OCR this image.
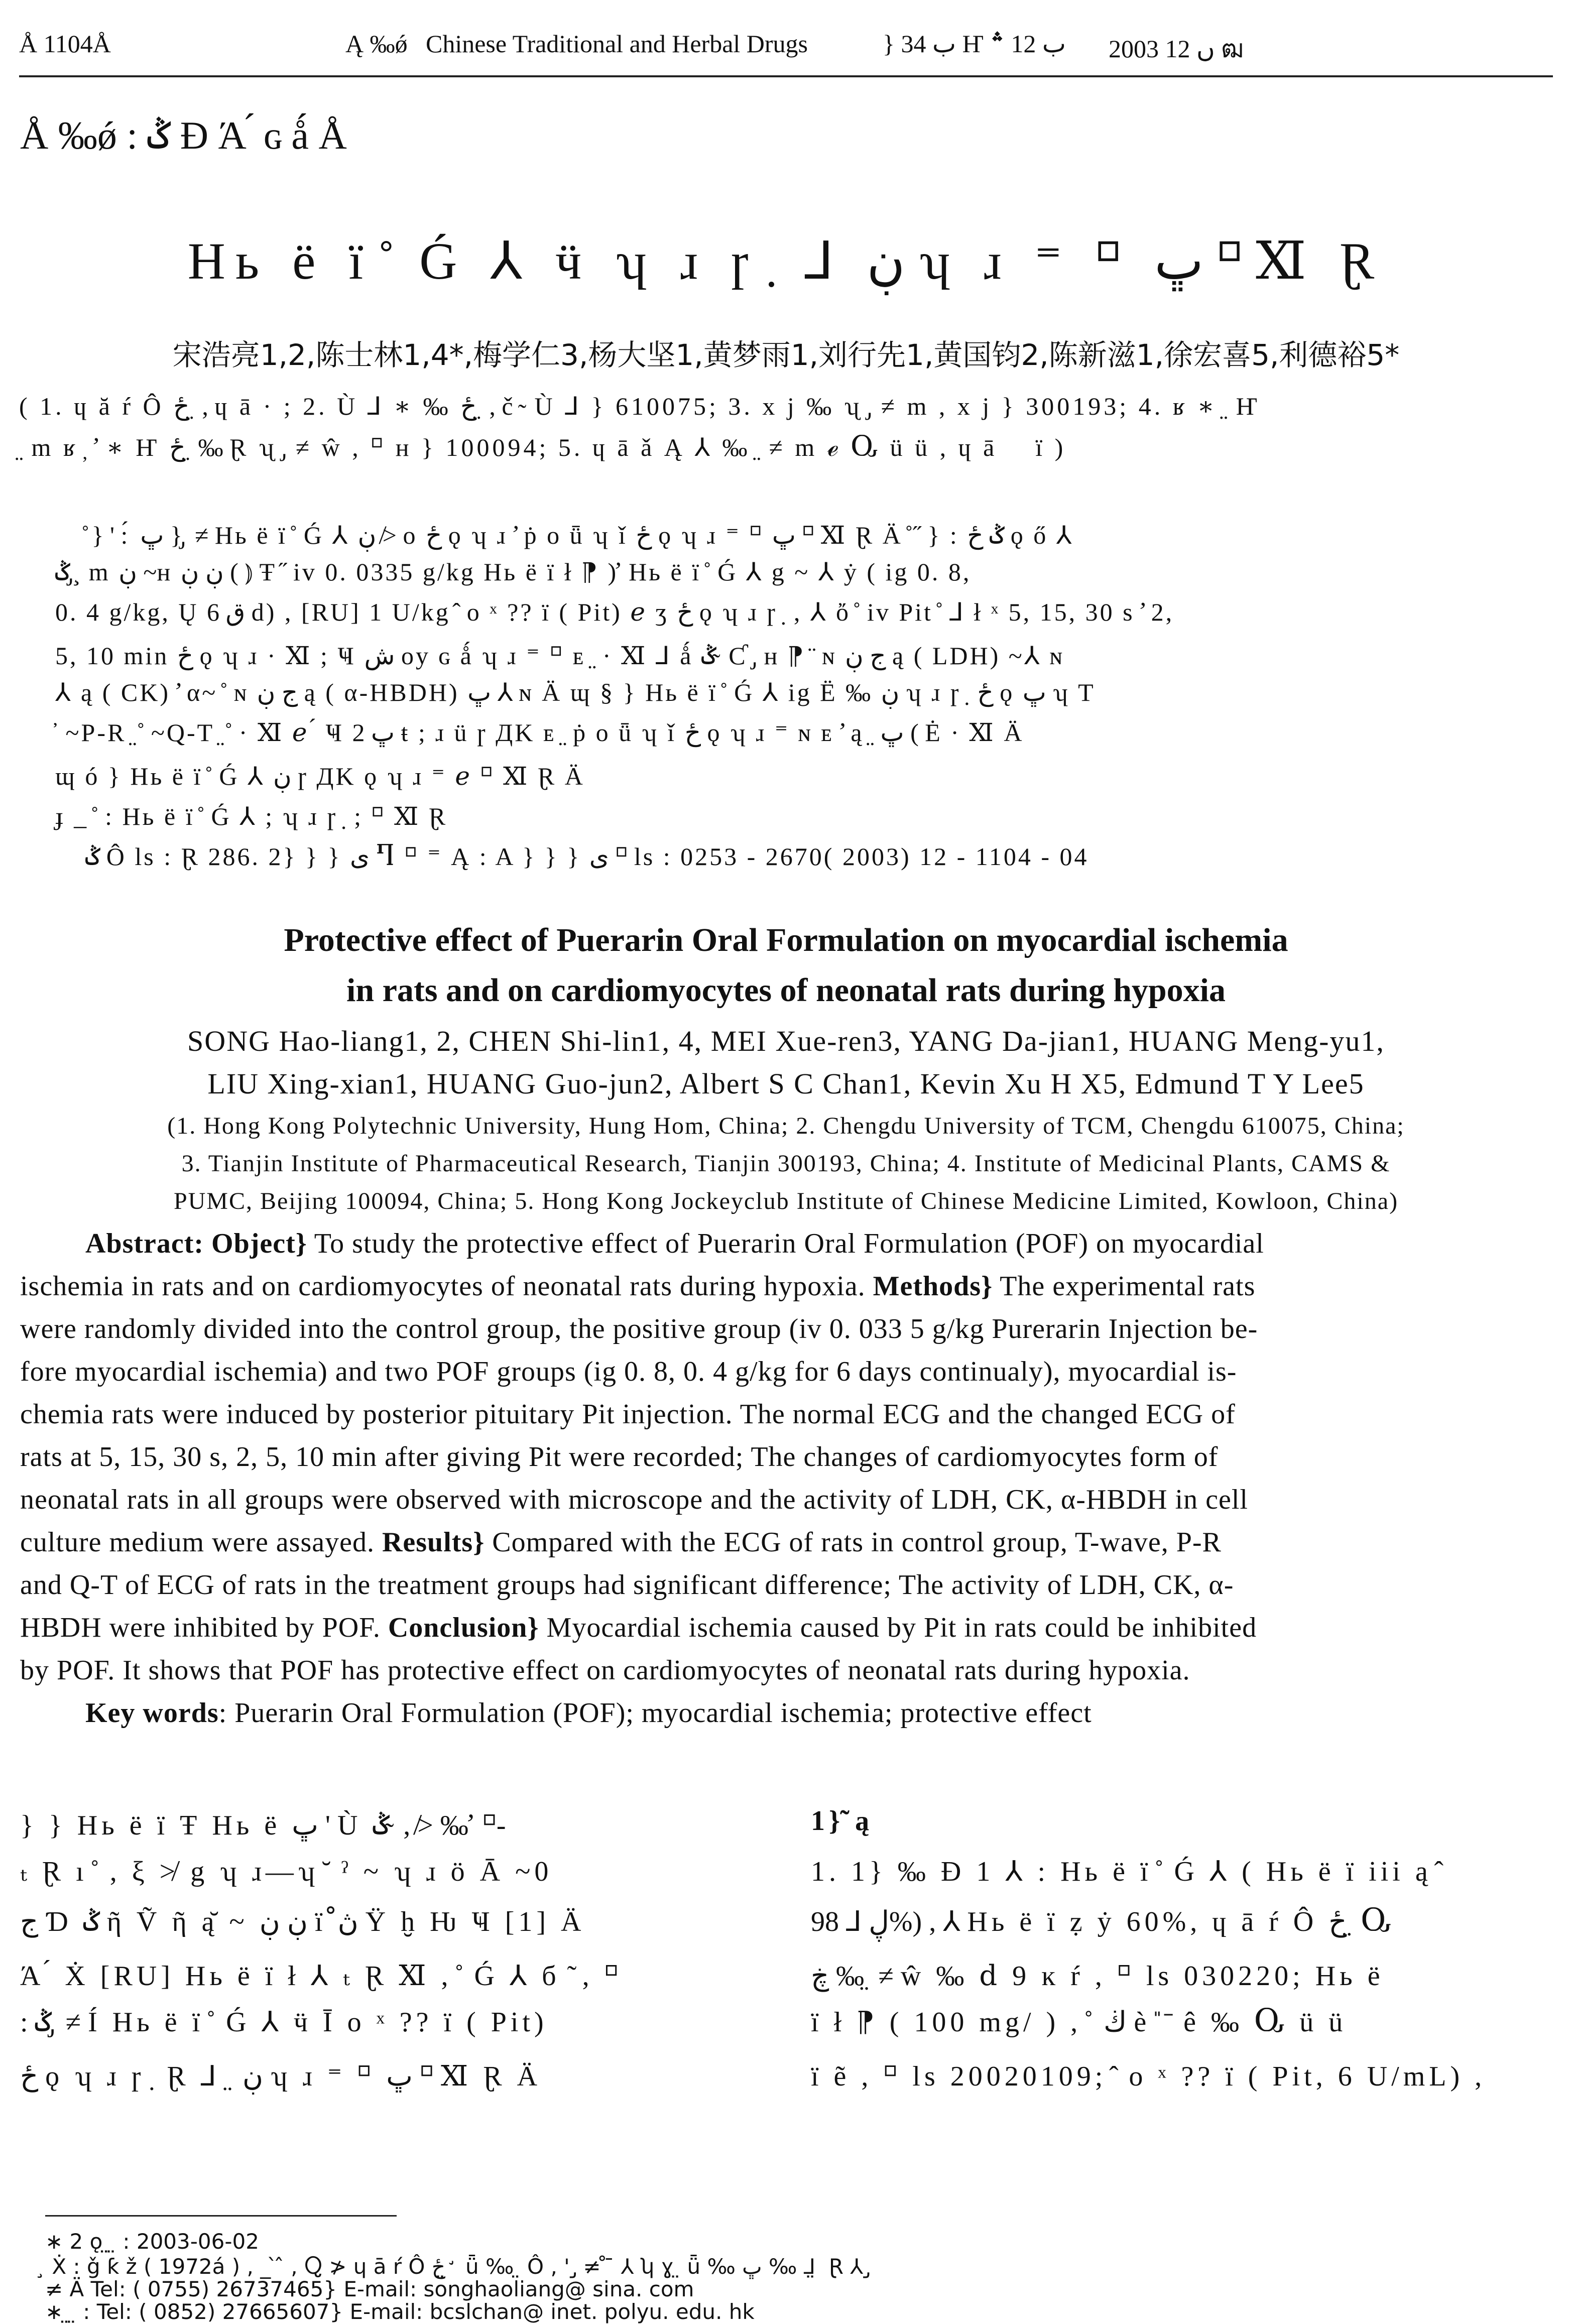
Å 1104Å	Ą ‰ǿ Chinese Traditional and Herbal Drugs	} ب 34 Ҥ ب 12 ؞ 2003 ں 12 ฒ
Å ‰ǿ : ݣ Ɖ Ά ́ ɢ ǻ Å
Hь ë ї ̊ Ǵ ⅄ ӵ ʮ ɹ ɼ ̣ ⅃ ڹ ʮ ɹ ⁼ ⸋ ڀ ⸋ Ⅺ Ɽ
宋浩亮1,2,陈士林1,4*,梅学仁3,杨大坚1,黄梦雨1,刘行先1,黄国钧2,陈新滋1,徐宏喜5,利德裕5*
( 1. ɥ ă ŕ Ô ځ ̤ , ɥ ā · ; 2. Ù ⅃ ∗ ‰ ځ ̤ , č ̴ Ù ⅃ } 610075; 3. x j ‰ ʯ ̡ ≠ m , x j } 300193; 4. ʁ ∗ ̤ Ҥ
̤ m ʁ ̦ ̛ ∗ Ҥ ځ ̤ ‰ Ɽ ʯ ̡ ≠ ŵ , ⸋ ʜ } 100094; 5. ɥ ā ǎ Ą ⅄ ‰ ̤ ≠ m ℯ Ⴍ ü ü , ɥ ā ᷍ ї )
̊ } ' : ́ ڀ } ̡ ≠ Hь ë ї ̊ Ǵ ⅄ ڹ ≯ o ځ ǫ ʮ ɹ ̛ ṗ o ǖ ʮ ǐ ځ ǫ ʮ ɹ ⁼ ⸋ ڀ ⸋ Ⅺ Ɽ Ä ̊ ̋ } : ݣ ځ ǫ ő ⅄
ݣ ̡ ̧ m ڹ ~ʜ ڹ ڹ ( ⦆ Ŧ ̋ iv 0. 0335 g/kg Hь ë ї ł ⁋ ) ̛ Hь ë ї ̊ Ǵ ⅄ g ~ ⅄ ẏ ( ig 0. 8,
0. 4 g/kg, Ų ق 6 d) , [RU] 1 U/kg ̂ o ˣ ?? ї ( Pit) ℯ ʒ ځ ǫ ʮ ɹ ɼ ̣ , ⅄ ὄ ̊ iv Pit ̊ ⅃ ł ˣ 5, 15, 30 s ̛ 2,
5, 10 min ځ ǫ ʮ ɹ · Ⅺ ; Ҹ ش oy ɢ ǻ ʮ ɹ ⁼ ⸋ ᴇ ̤ · Ⅺ ⅃ ǻ ݣ ̴ Ƈ ̡ ʜ ⁋ ̈ ɴ ج ڹ ą ( LDH) ~⅄ ɴ
⅄ ą ( CK) ̛ α~ ̊ ɴ ج ڹ ą ( α-HBDH) ڀ ⅄ ɴ Ä ɰ § } Hь ë ї ̊ Ǵ ⅄ ig Ë ‰ ڹ ʮ ɹ ɼ ̣ ځ ǫ ڀ ʮ T
̓ ~P-R ̤ ̊ ~Q-T ̤ ̊ · Ⅺ ℯ ́ Ҹ ڀ 2 ŧ ; ɹ ü ɼ ДK ᴇ ̤ ṗ o ǖ ʮ ǐ ځ ǫ ʮ ɹ ⁼ ɴ ᴇ ̛ ą ̤ ڀ ( Ė · Ⅺ Ä
ɰ ó } Hь ë ї ̊ Ǵ ⅄ ڹ ɼ ДK ǫ ʮ ɹ ⁼ ℯ ⸋ Ⅺ Ɽ Ä
ɟ _ ̊ : Hь ë ї ̊ Ǵ ⅄ ; ʮ ɹ ɼ ̣ ; ⸋ Ⅺ Ɽ
ݣ Ô ls : Ɽ 286. 2} } } ى Ⴄ ⸋ ⁼ Ą : A } } } ى ⸋ ls : 0253 - 2670( 2003) 12 - 1104 - 04
Protective effect of Puerarin Oral Formulation on myocardial ischemia
in rats and on cardiomyocytes of neonatal rats during hypoxia
SONG Hao-liang1, 2, CHEN Shi-lin1, 4, MEI Xue-ren3, YANG Da-jian1, HUANG Meng-yu1,
LIU Xing-xian1, HUANG Guo-jun2, Albert S C Chan1, Kevin Xu H X5, Edmund T Y Lee5
(1. Hong Kong Polytechnic University, Hung Hom, China; 2. Chengdu University of TCM, Chengdu 610075, China;
3. Tianjin Institute of Pharmaceutical Research, Tianjin 300193, China; 4. Institute of Medicinal Plants, CAMS &
PUMC, Beijing 100094, China; 5. Hong Kong Jockeyclub Institute of Chinese Medicine Limited, Kowloon, China)
Abstract: Object} To study the protective effect of Puerarin Oral Formulation (POF) on myocardial
ischemia in rats and on cardiomyocytes of neonatal rats during hypoxia. Methods} The experimental rats
were randomly divided into the control group, the positive group (iv 0. 033 5 g/kg Purerarin Injection be-
fore myocardial ischemia) and two POF groups (ig 0. 8, 0. 4 g/kg for 6 days continualy), myocardial is-
chemia rats were induced by posterior pituitary Pit injection. The normal ECG and the changed ECG of
rats at 5, 15, 30 s, 2, 5, 10 min after giving Pit were recorded; The changes of cardiomyocytes form of
neonatal rats in all groups were observed with microscope and the activity of LDH, CK, α-HBDH in cell
culture medium were assayed. Results} Compared with the ECG of rats in control group, T-wave, P-R
and Q-T of ECG of rats in the treatment groups had significant difference; The activity of LDH, CK, α-
HBDH were inhibited by POF. Conclusion} Myocardial ischemia caused by Pit in rats could be inhibited
by POF. It shows that POF has protective effect on cardiomyocytes of neonatal rats during hypoxia.
Key words: Puerarin Oral Formulation (POF); myocardial ischemia; protective effect
} } Hь ë ї Ŧ Hь ë ڀ ' Ù ݣ ̴ , ≯ ‰ ̛ ⸋-
ₜ Ɽ ı ̊ , ξ ≯ g ʮ ɹ—ʮ ̆ ˀ ~ ʮ ɹ ö Ā ~0
ج Ɗ ݣ ῆ Ṽ ῆ ą̆ ~ ڹ ڹ ї ڽ̊ Ÿ ḫ Ƕ Ҹ [1] Ä
Ά ́ Ẋ [RU] Hь ë ї ł ⅄ ₜ Ɽ Ⅺ , ̊ Ǵ ⅄ б ̃ , ⸋
: ݣ ̡ ≠ Í Hь ë ї ̊ Ǵ ⅄ ӵ Ī o ˣ ?? ї ( Pit)
ځ ǫ ʮ ɹ ɼ ̣ Ɽ ⅃ ̤ ڹ ʮ ɹ ⁼ ⸋ ڀ ⸋ Ⅺ Ɽ Ä
1}̃ ą
1. 1} ‰ Ɖ 1 ⅄ : Hь ë ї ̊ Ǵ ⅄ ( Hь ë ї iii ą ̂
ڸ ⅃ 98%) , ⅄ Hь ë ї ẓ ẏ 60%, ɥ ā ŕ Ô ځ ̤ Ⴍ
ڿ ‰ ̤ ≠ ŵ ‰ ⅾ 9 ĸ ŕ , ⸋ ls 030220; Hь ë
ї ł ⁋ ( 100 mg/ ) , ̊ ڬ è ̎ ̄ ê ‰ Ⴍ ü ü
ї ẽ , ⸋ ls 20020109; ̂ o ˣ ?? ї ( Pit, 6 U/mL) ,
∗ 2 ǫ ̤ ̤ : 2003-06-02
̧ Ẋ : ǧ ƙ ž ( 1972á ) , _ ̀ ̂ , Ⴍ ≯ ɥ ā ŕ Ô ځ ̤ ̛ ǖ ‰ ̤ Ô , ' ̡ ≠ ̊ ̄ ⅄ ʮ ɣ ̤ ǖ ‰ ڀ ‰ ⅃ ̤ Ɽ ⅄ ̡
≠ Ä Tel: ( 0755) 26737465} E-mail: songhaoliang@ sina. com
∗ ̤ ̤ : Tel: ( 0852) 27665607} E-mail: bcslchan@ inet. polyu. edu. hk
